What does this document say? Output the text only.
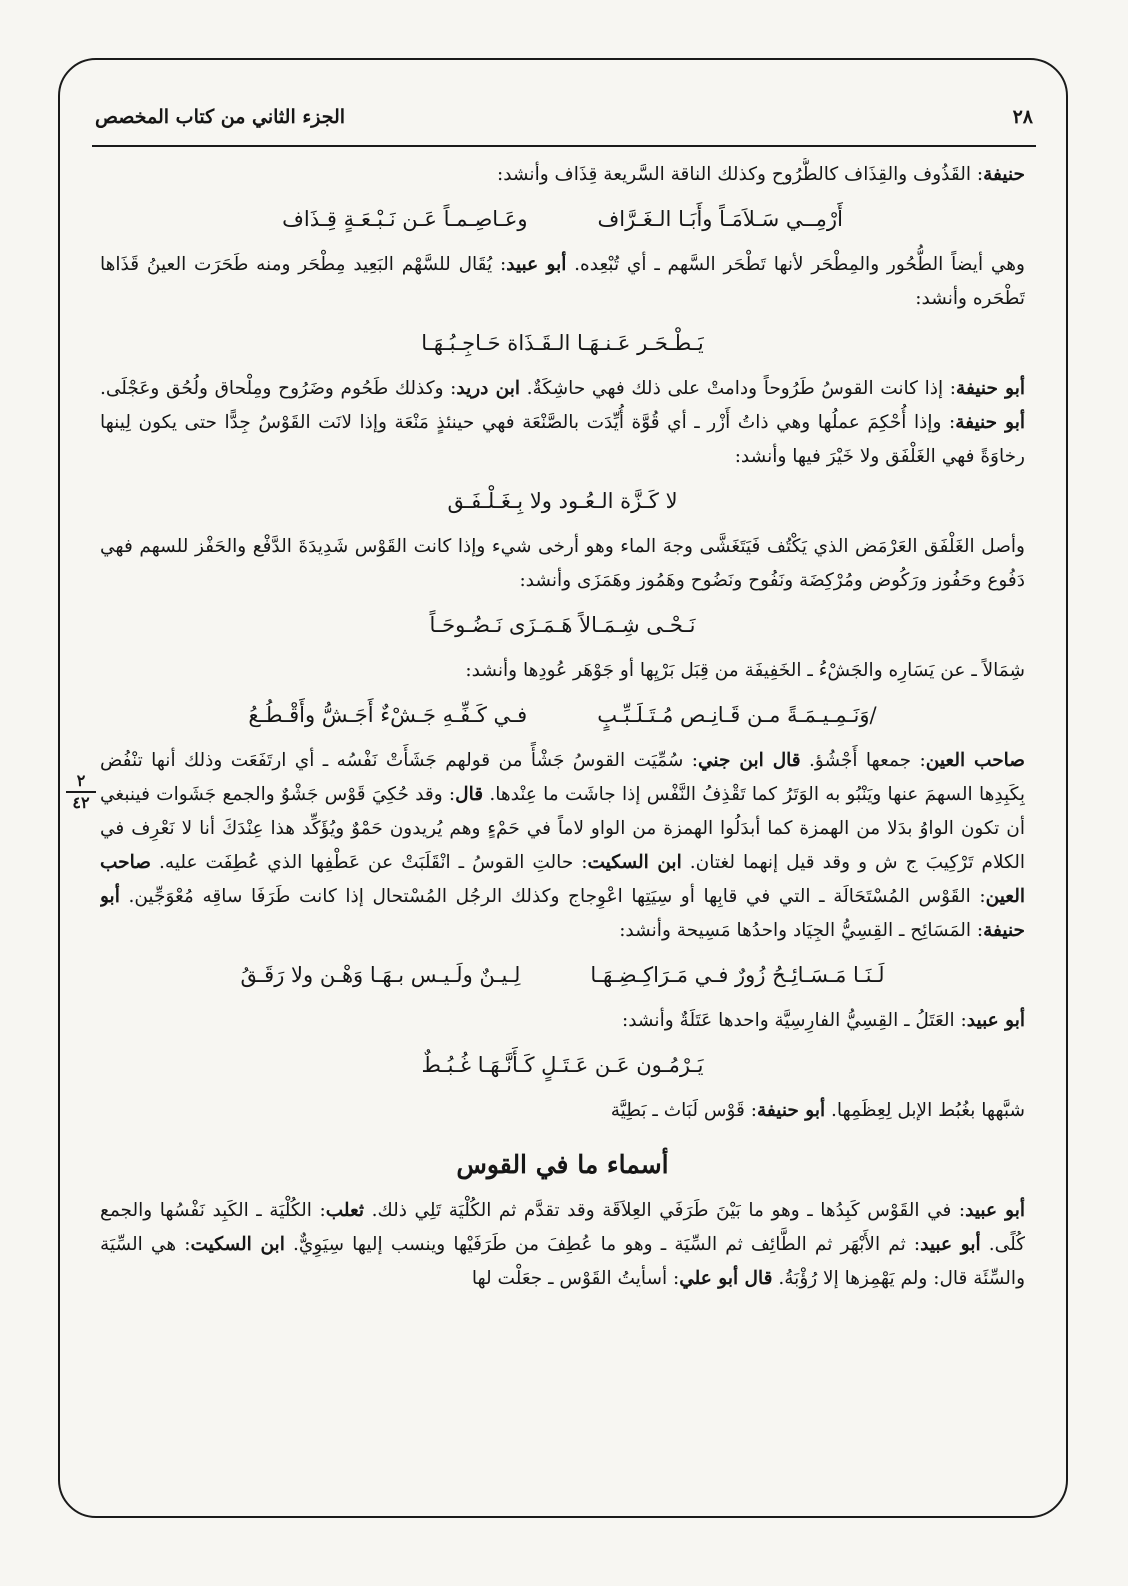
٢٨
الجزء الثاني من كتاب المخصص
٢
٤٢

حنيفة: القَذُوف والقِذَاف كالطُّرُوح وكذلك الناقة السَّريعة قِذَاف وأنشد:

أَرْمِــي سَـلاَمَـاً وأَبَـا الـغَـرَّاف
وعَـاصِـمـاً عَـن نَـبْـعَـةٍ قِـذَاف

وهي أيضاً الطُّحُور والمِطْحَر لأنها تَطْحَر السَّهم ـ أي تُبْعِده. أبو عبيد: يُقَال للسَّهْم البَعِيد مِطْحَر ومنه طَحَرَت العينُ قَذَاها تَطْحَره وأنشد:

يَـطْـحَـر عَـنـهَـا الـقَـذَاة حَـاجِـبُـهَـا

أبو حنيفة: إذا كانت القوسُ طَرُوحاً ودامتْ على ذلك فهي حاشِكَةٌ. ابن دريد: وكذلك طَحُوم وضَرُوح ومِلْحاق ولُحُق وعَجْلَى. أبو حنيفة: وإذا أُحْكِمَ عملُها وهي ذاتُ أَزْر ـ أي قُوَّة أُيِّدَت بالصَّنْعَة فهي حينئذٍ مَنْعَة وإذا لانَت القَوْسُ جِدًّا حتى يكون لِينها رخاوَةً فهي الغَلْفَق ولا خَيْرَ فيها وأنشد:

لا كَـزَّة الـعُـود ولا بِـغَـلْـفَـق

وأصل الغَلْفَق العَرْمَض الذي يَكْتُف فَيَتَغَشَّى وجهَ الماء وهو أرخى شيء وإذا كانت القَوْس شَدِيدَةَ الدَّفْع والحَفْز للسهم فهي دَفُوع وحَفُوز ورَكُوض ومُرْكِضَة ونَفُوح ونَضُوح وهَمُوز وهَمَزَى وأنشد:

نَـحْـى شِـمَـالاً هَـمَـزَى نَـضُـوحَـاً

شِمَالاً ـ عن يَسَارِه والجَشْءُ ـ الخَفِيفَة من قِبَل بَرْيِها أو جَوْهَر عُودِها وأنشد:

/وَنَـمِـيـمَـةً مـن قَـانِـص مُـتَـلَـبِّـبٍ
فـي كَـفِّـهِ جَـشْءٌ أَجَـشُّ وأَقْـطُـعُ

صاحب العين: جمعها أَجْشُؤ. قال ابن جني: سُمِّيَت القوسُ جَشْأً من قولهم جَشَأَتْ نَفْسُه ـ أي ارتَفَعَت وذلك أنها تنْفُض بِكَبِدِها السهمَ عنها ويَنْبُو به الوَتَرُ كما تَقْذِفُ النَّفْس إذا جاشَت ما عِنْدها. قال: وقد حُكِيَ قَوْس جَشْوٌ والجمع جَشَوات فينبغي أن تكون الواوُ بدَلا من الهمزة كما أبدَلُوا الهمزة من الواو لاماً في حَمْءٍ وهم يُريدون حَمْوٌ ويُؤَكِّد هذا عِنْدَكَ أنا لا نَعْرِف في الكلام تَرْكِيبَ ج ش و وقد قيل إنهما لغتان. ابن السكيت: حالتِ القوسُ ـ انْقَلَبَتْ عن عَطْفِها الذي عُطِفَت عليه. صاحب العين: القَوْس المُسْتَحَالَة ـ التي في قابِها أو سِيَتِها اعْوِجاج وكذلك الرجُل المُسْتحال إذا كانت طَرَفَا ساقِه مُعْوَجِّين. أبو حنيفة: المَسَائِح ـ القِسِيُّ الجِيَاد واحدُها مَسِيحة وأنشد:

لَـنَـا مَـسَـائِـحُ زُورٌ فـي مَـرَاكِـضِـهَـا
لِـيـنٌ ولَـيـس بـهَـا وَهْـن ولا رَقَـقُ

أبو عبيد: العَتَلُ ـ القِسِيُّ الفارِسِيَّة واحدها عَتَلَةٌ وأنشد:

يَـرْمُـون عَـن عَـتَـلٍ كَـأَنَّـهَـا غُـبُـطٌ

شبَّهها بغُبُط الإبل لِعِظَمِها. أبو حنيفة: قَوْس لَبَاث ـ بَطِيَّة

أسماء ما في القوس

أبو عبيد: في القَوْس كَبِدُها ـ وهو ما بَيْنَ طَرَفَي العِلاَقَة وقد تقدَّم ثم الكُلْيَة تَلِي ذلك. ثعلب: الكُلْيَة ـ الكَبِد نَفْسُها والجمع كُلًى. أبو عبيد: ثم الأَبْهَر ثم الطَّائِف ثم السِّيَة ـ وهو ما عُطِفَ من طَرَفَيْها وينسب إليها سِيَوِيٌّ. ابن السكيت: هي السِّيَة والسِّئَة قال: ولم يَهْمِزها إلا رُؤْبَةُ. قال أبو علي: أسأيتُ القَوْس ـ جعَلْت لها
